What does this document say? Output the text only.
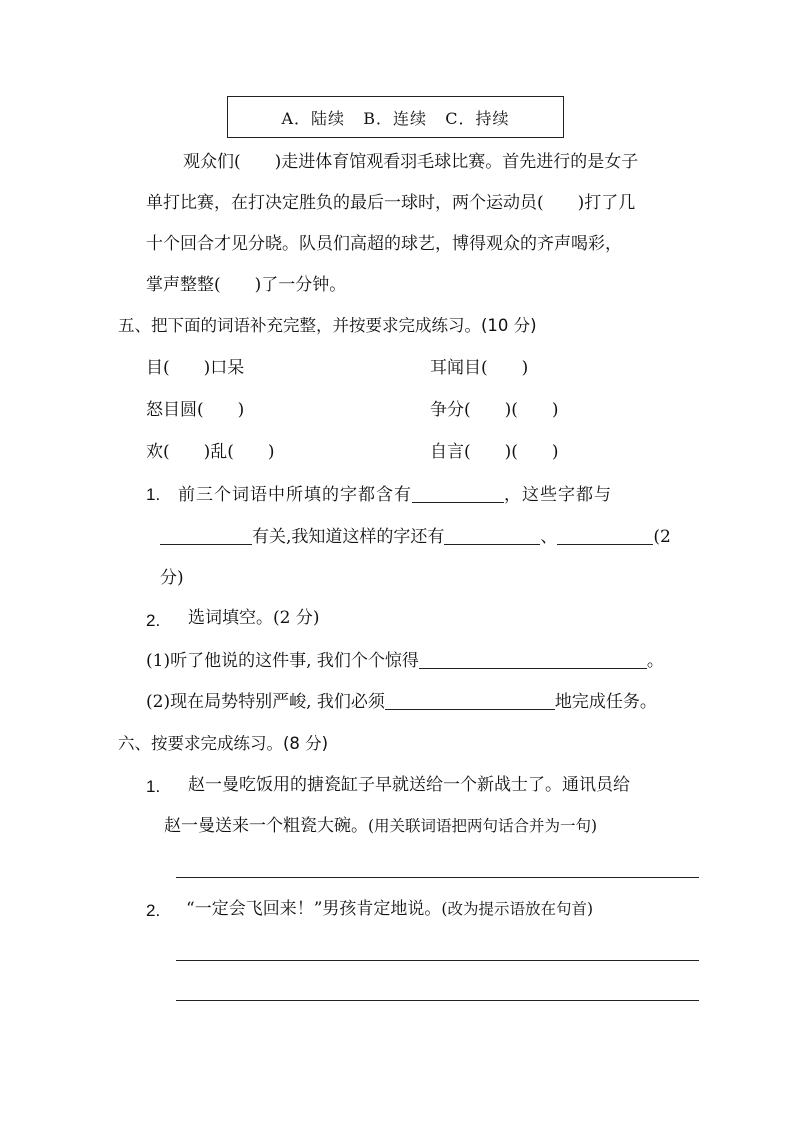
A．陆续   B．连续   C．持续
观众们(　　)走进体育馆观看羽毛球比赛。首先进行的是女子
单打比赛，在打决定胜负的最后一球时，两个运动员(　　)打了几
十个回合才见分晓。队员们高超的球艺，博得观众的齐声喝彩，
掌声整整(　　)了一分钟。
五、把下面的词语补充完整，并按要求完成练习。(10 分)
目(　　)口呆	耳闻目(　　)
怒目圆(　　)	争分(　　)(　　)
欢(　　)乱(　　)	自言(　　)(　　)
1. 前三个词语中所填的字都含有	，这些字都与
有关,我知道这样的字还有	、	(2
分)
2. 选词填空。(2 分)
(1)听了他说的这件事, 我们个个惊得	。
(2)现在局势特别严峻, 我们必须	地完成任务。
六、按要求完成练习。(8 分)
1. 赵一曼吃饭用的搪瓷缸子早就送给一个新战士了。通讯员给
赵一曼送来一个粗瓷大碗。(用关联词语把两句话合并为一句)
2. “一定会飞回来！”男孩肯定地说。(改为提示语放在句首)
